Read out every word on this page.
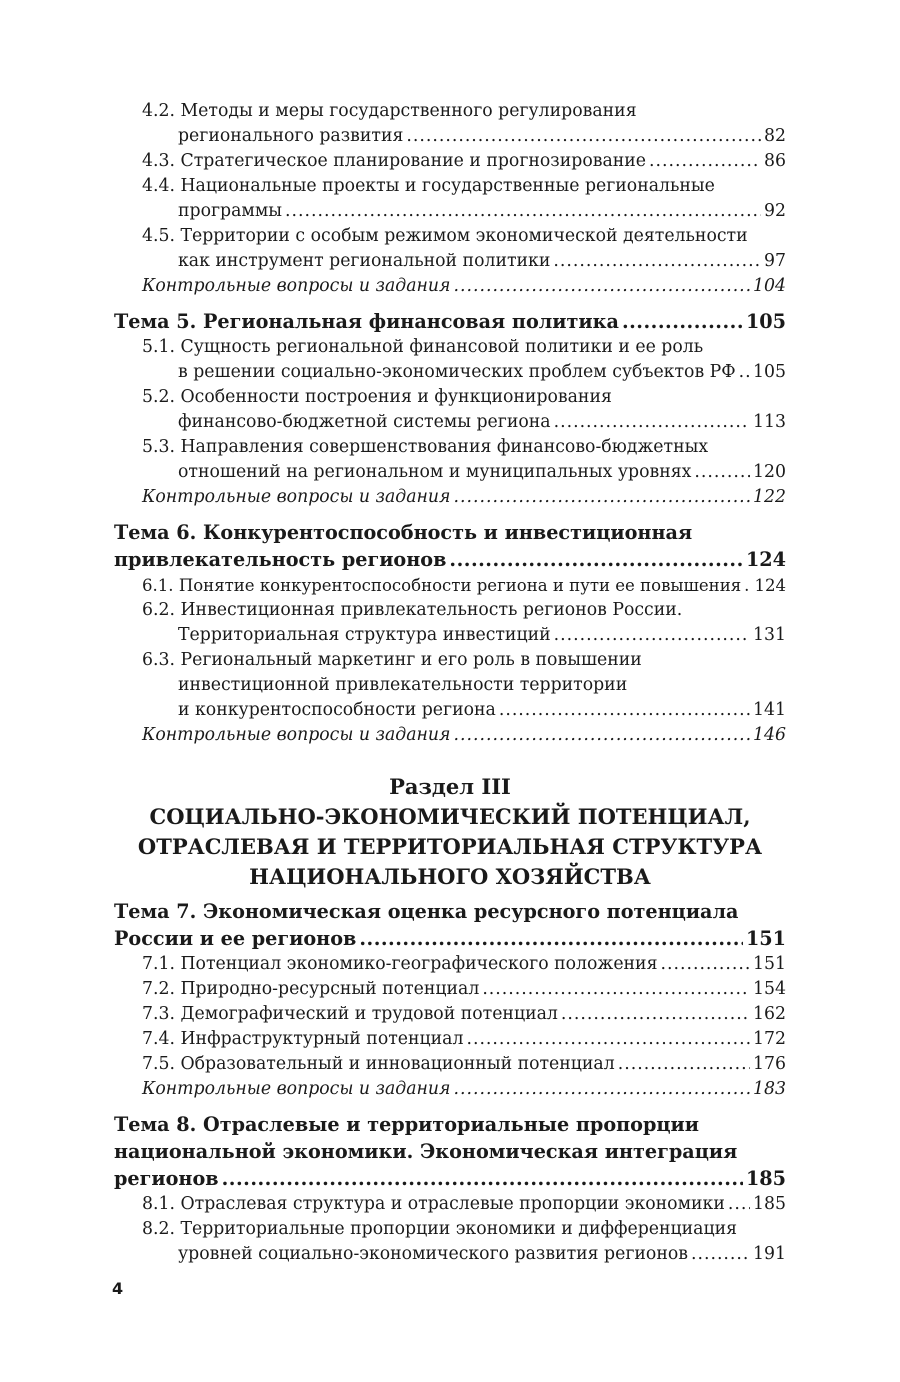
4.2. Методы и меры государственного регулирования
регионального развития .....	82
4.3. Стратегическое планирование и прогнозирование .....	86
4.4. Национальные проекты и государственные региональные
программы .....	92
4.5. Территории с особым режимом экономической деятельности
как инструмент региональной политики .....	97
Контрольные вопросы и задания .....	104
Тема 5. Региональная финансовая политика .....	105
5.1. Сущность региональной финансовой политики и ее роль
в решении социально-экономических проблем субъектов РФ ..... 105
5.2. Особенности построения и функционирования
финансово-бюджетной системы региона .....	113
5.3. Направления совершенствования финансово-бюджетных
отношений на региональном и муниципальных уровнях .....	120
Контрольные вопросы и задания .....	122
Тема 6. Конкурентоспособность и инвестиционная
привлекательность регионов .....	124
6.1. Понятие конкурентоспособности региона и пути ее повышения ..... 124
6.2. Инвестиционная привлекательность регионов России.
Территориальная структура инвестиций .....	131
6.3. Региональный маркетинг и его роль в повышении
инвестиционной привлекательности территории
и конкурентоспособности региона .....	141
Контрольные вопросы и задания .....	146
Раздел III
СОЦИАЛЬНО-ЭКОНОМИЧЕСКИЙ ПОТЕНЦИАЛ,
ОТРАСЛЕВАЯ И ТЕРРИТОРИАЛЬНАЯ СТРУКТУРА
НАЦИОНАЛЬНОГО ХОЗЯЙСТВА
Тема 7. Экономическая оценка ресурсного потенциала
России и ее регионов .....	151
7.1. Потенциал экономико-географического положения .....	151
7.2. Природно-ресурсный потенциал .....	154
7.3. Демографический и трудовой потенциал .....	162
7.4. Инфраструктурный потенциал .....	172
7.5. Образовательный и инновационный потенциал .....	176
Контрольные вопросы и задания .....	183
Тема 8. Отраслевые и территориальные пропорции
национальной экономики. Экономическая интеграция
регионов .....	185
8.1. Отраслевая структура и отраслевые пропорции экономики ..... 185
8.2. Территориальные пропорции экономики и дифференциация
уровней социально-экономического развития регионов .....	191
4
